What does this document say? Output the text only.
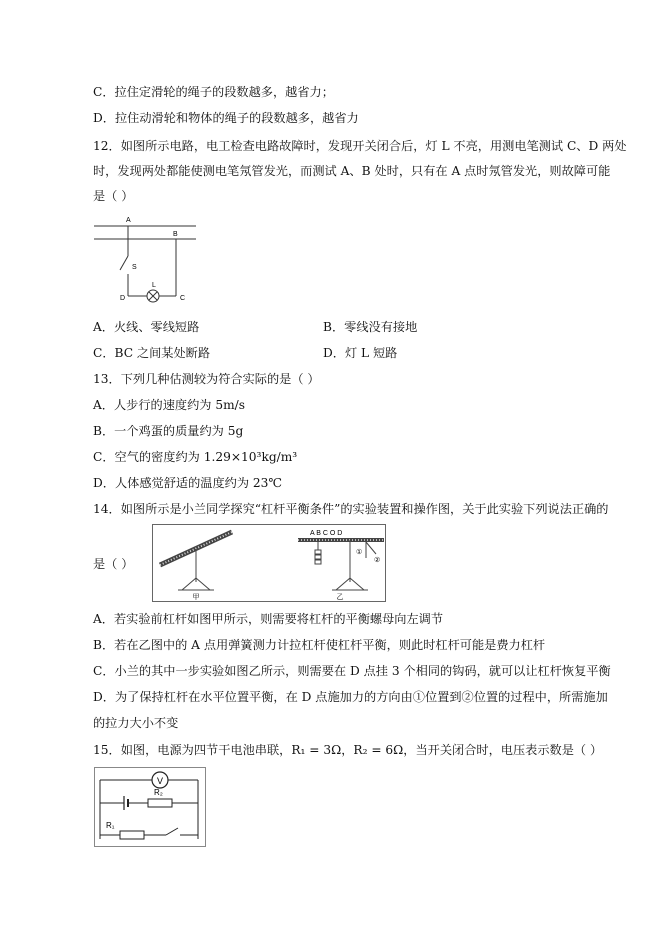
C．拉住定滑轮的绳子的段数越多，越省力；
D．拉住动滑轮和物体的绳子的段数越多，越省力
12．如图所示电路，电工检查电路故障时，发现开关闭合后，灯 L 不亮，用测电笔测试 C、D 两处
时，发现两处都能使测电笔氖管发光，而测试 A、B 处时，只有在 A 点时氖管发光，则故障可能
是（ ）
A
B
S
L
D	C
A．火线、零线短路	B．零线没有接地
C．BC 之间某处断路	D．灯 L 短路
13．下列几种估测较为符合实际的是（ ）
A．人步行的速度约为 5m/s
B．一个鸡蛋的质量约为 5g
C．空气的密度约为 1.29×10³kg/m³
D．人体感觉舒适的温度约为 23℃
14．如图所示是小兰同学探究“杠杆平衡条件”的实验装置和操作图，关于此实验下列说法正确的
是（ ）
甲
A B C O D
①
②
乙
A．若实验前杠杆如图甲所示，则需要将杠杆的平衡螺母向左调节
B．若在乙图中的 A 点用弹簧测力计拉杠杆使杠杆平衡，则此时杠杆可能是费力杠杆
C．小兰的其中一步实验如图乙所示，则需要在 D 点挂 3 个相同的钩码，就可以让杠杆恢复平衡
D．为了保持杠杆在水平位置平衡，在 D 点施加力的方向由①位置到②位置的过程中，所需施加
的拉力大小不变
15．如图，电源为四节干电池串联，R₁ = 3Ω，R₂ = 6Ω，当开关闭合时，电压表示数是（ ）
V
R₂
R₁
